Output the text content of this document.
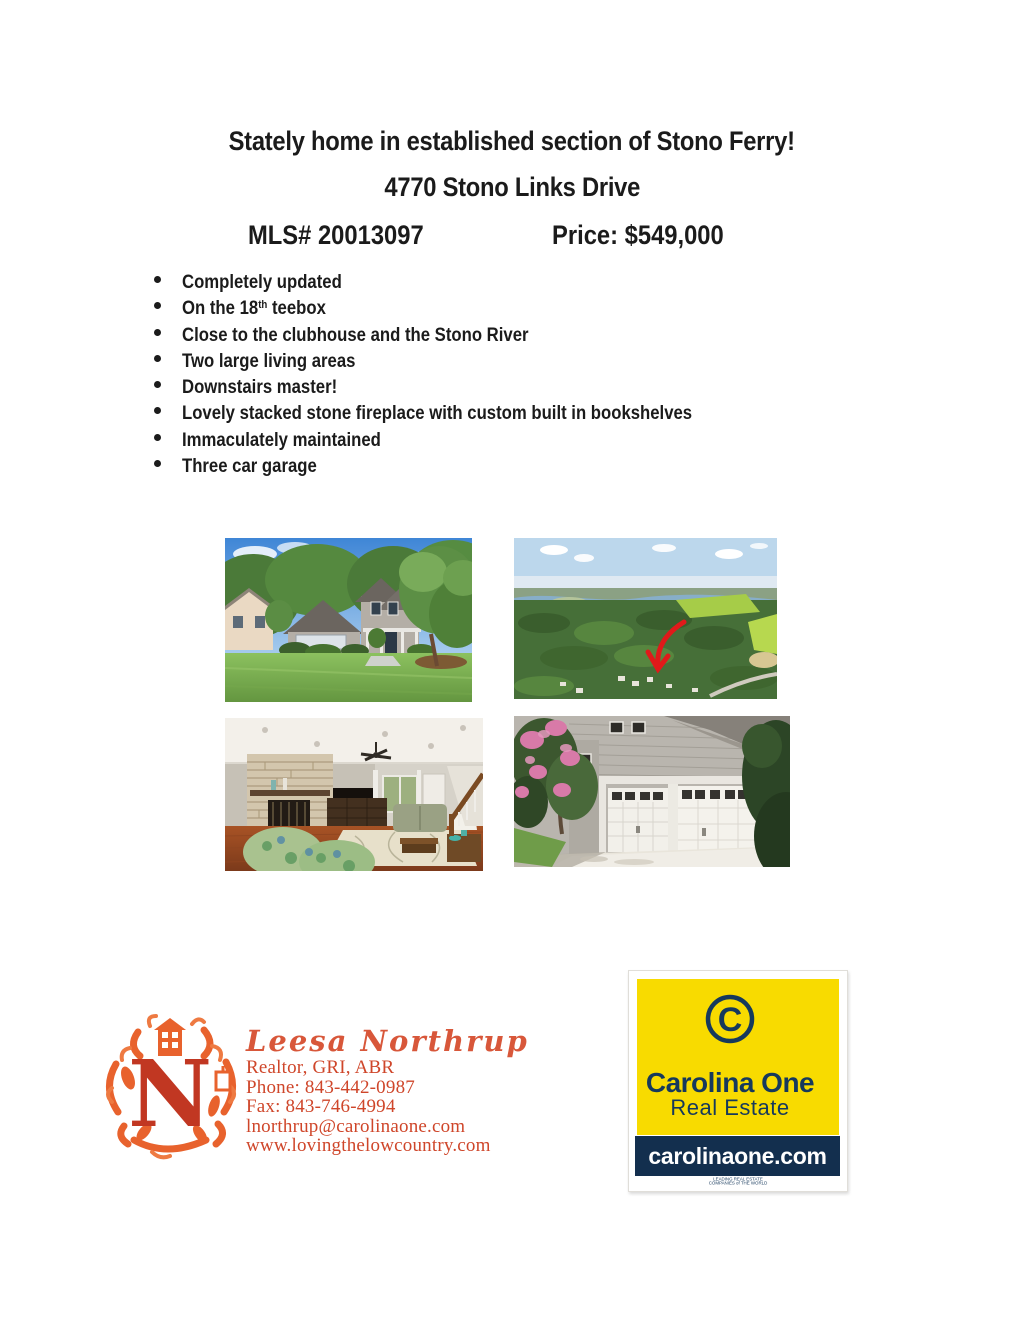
Stately home in established section of Stono Ferry!
4770 Stono Links Drive
MLS# 20013097	Price: $549,000
Completely updated
On the 18th teebox
Close to the clubhouse and the Stono River
Two large living areas
Downstairs master!
Lovely stacked stone fireplace with custom built in bookshelves
Immaculately maintained
Three car garage
N Leesa Northrup
Realtor, GRI, ABR
Phone: 843-442-0987
Fax: 843-746-4994
lnorthrup@carolinaone.com
www.lovingthelowcountry.com
C
Carolina One
Real Estate
carolinaone.com
LEADING REAL ESTATE
COMPANIES of THE WORLD
